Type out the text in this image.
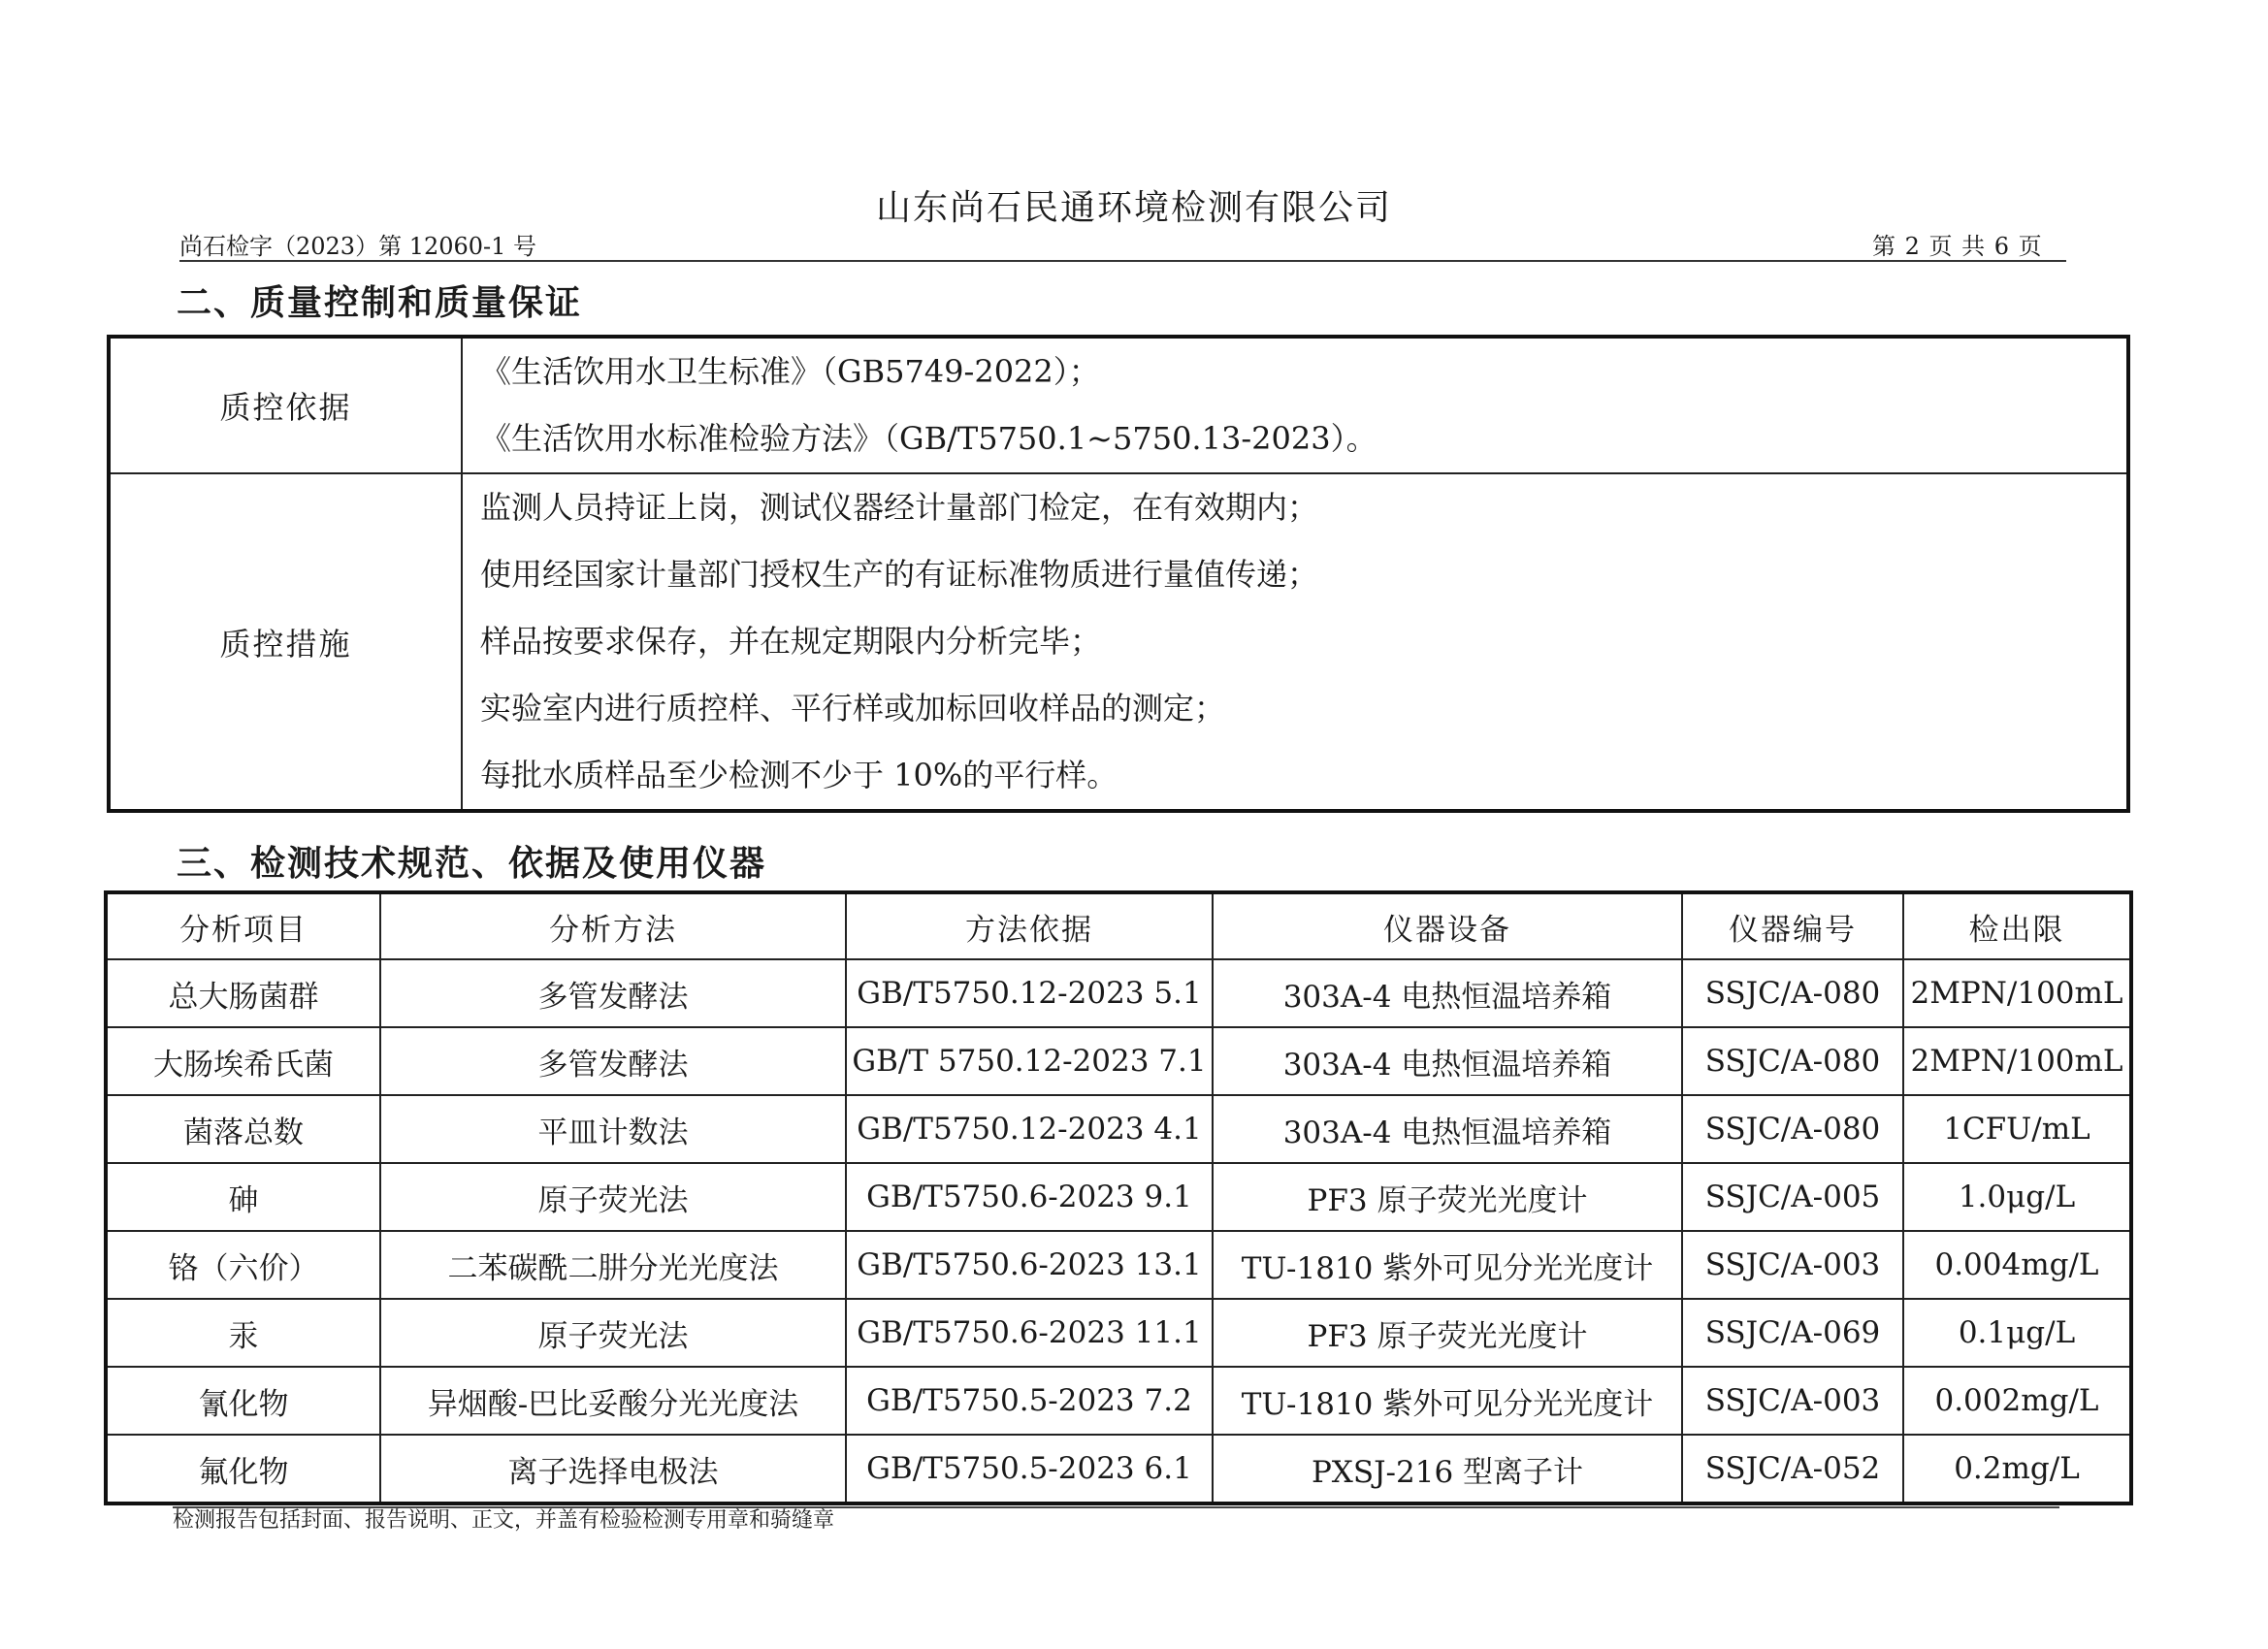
山东尚石民通环境检测有限公司
尚石检字（2023）第 12060-1 号	第 2 页 共 6 页
二、质量控制和质量保证
质控依据	《生活饮用水卫生标准》（GB5749-2022）；
《生活饮用水标准检验方法》（GB/T5750.1~5750.13-2023）。

质控措施	监测人员持证上岗，测试仪器经计量部门检定，在有效期内；
使用经国家计量部门授权生产的有证标准物质进行量值传递；
样品按要求保存，并在规定期限内分析完毕；
实验室内进行质控样、平行样或加标回收样品的测定；
每批水质样品至少检测不少于 10%的平行样。
三、检测技术规范、依据及使用仪器
分析项目	分析方法	方法依据	仪器设备	仪器编号	检出限
总大肠菌群	多管发酵法	GB/T5750.12-2023 5.1	303A-4 电热恒温培养箱	SSJC/A-080	2MPN/100mL
大肠埃希氏菌	多管发酵法	GB/T 5750.12-2023 7.1	303A-4 电热恒温培养箱	SSJC/A-080	2MPN/100mL
菌落总数	平皿计数法	GB/T5750.12-2023 4.1	303A-4 电热恒温培养箱	SSJC/A-080	1CFU/mL
砷	原子荧光法	GB/T5750.6-2023 9.1	PF3 原子荧光光度计	SSJC/A-005	1.0μg/L
铬（六价）	二苯碳酰二肼分光光度法	GB/T5750.6-2023 13.1	TU-1810 紫外可见分光光度计	SSJC/A-003	0.004mg/L
汞	原子荧光法	GB/T5750.6-2023 11.1	PF3 原子荧光光度计	SSJC/A-069	0.1μg/L
氰化物	异烟酸-巴比妥酸分光光度法	GB/T5750.5-2023 7.2	TU-1810 紫外可见分光光度计	SSJC/A-003	0.002mg/L
氟化物	离子选择电极法	GB/T5750.5-2023 6.1	PXSJ-216 型离子计	SSJC/A-052	0.2mg/L
检测报告包括封面、报告说明、正文，并盖有检验检测专用章和骑缝章
